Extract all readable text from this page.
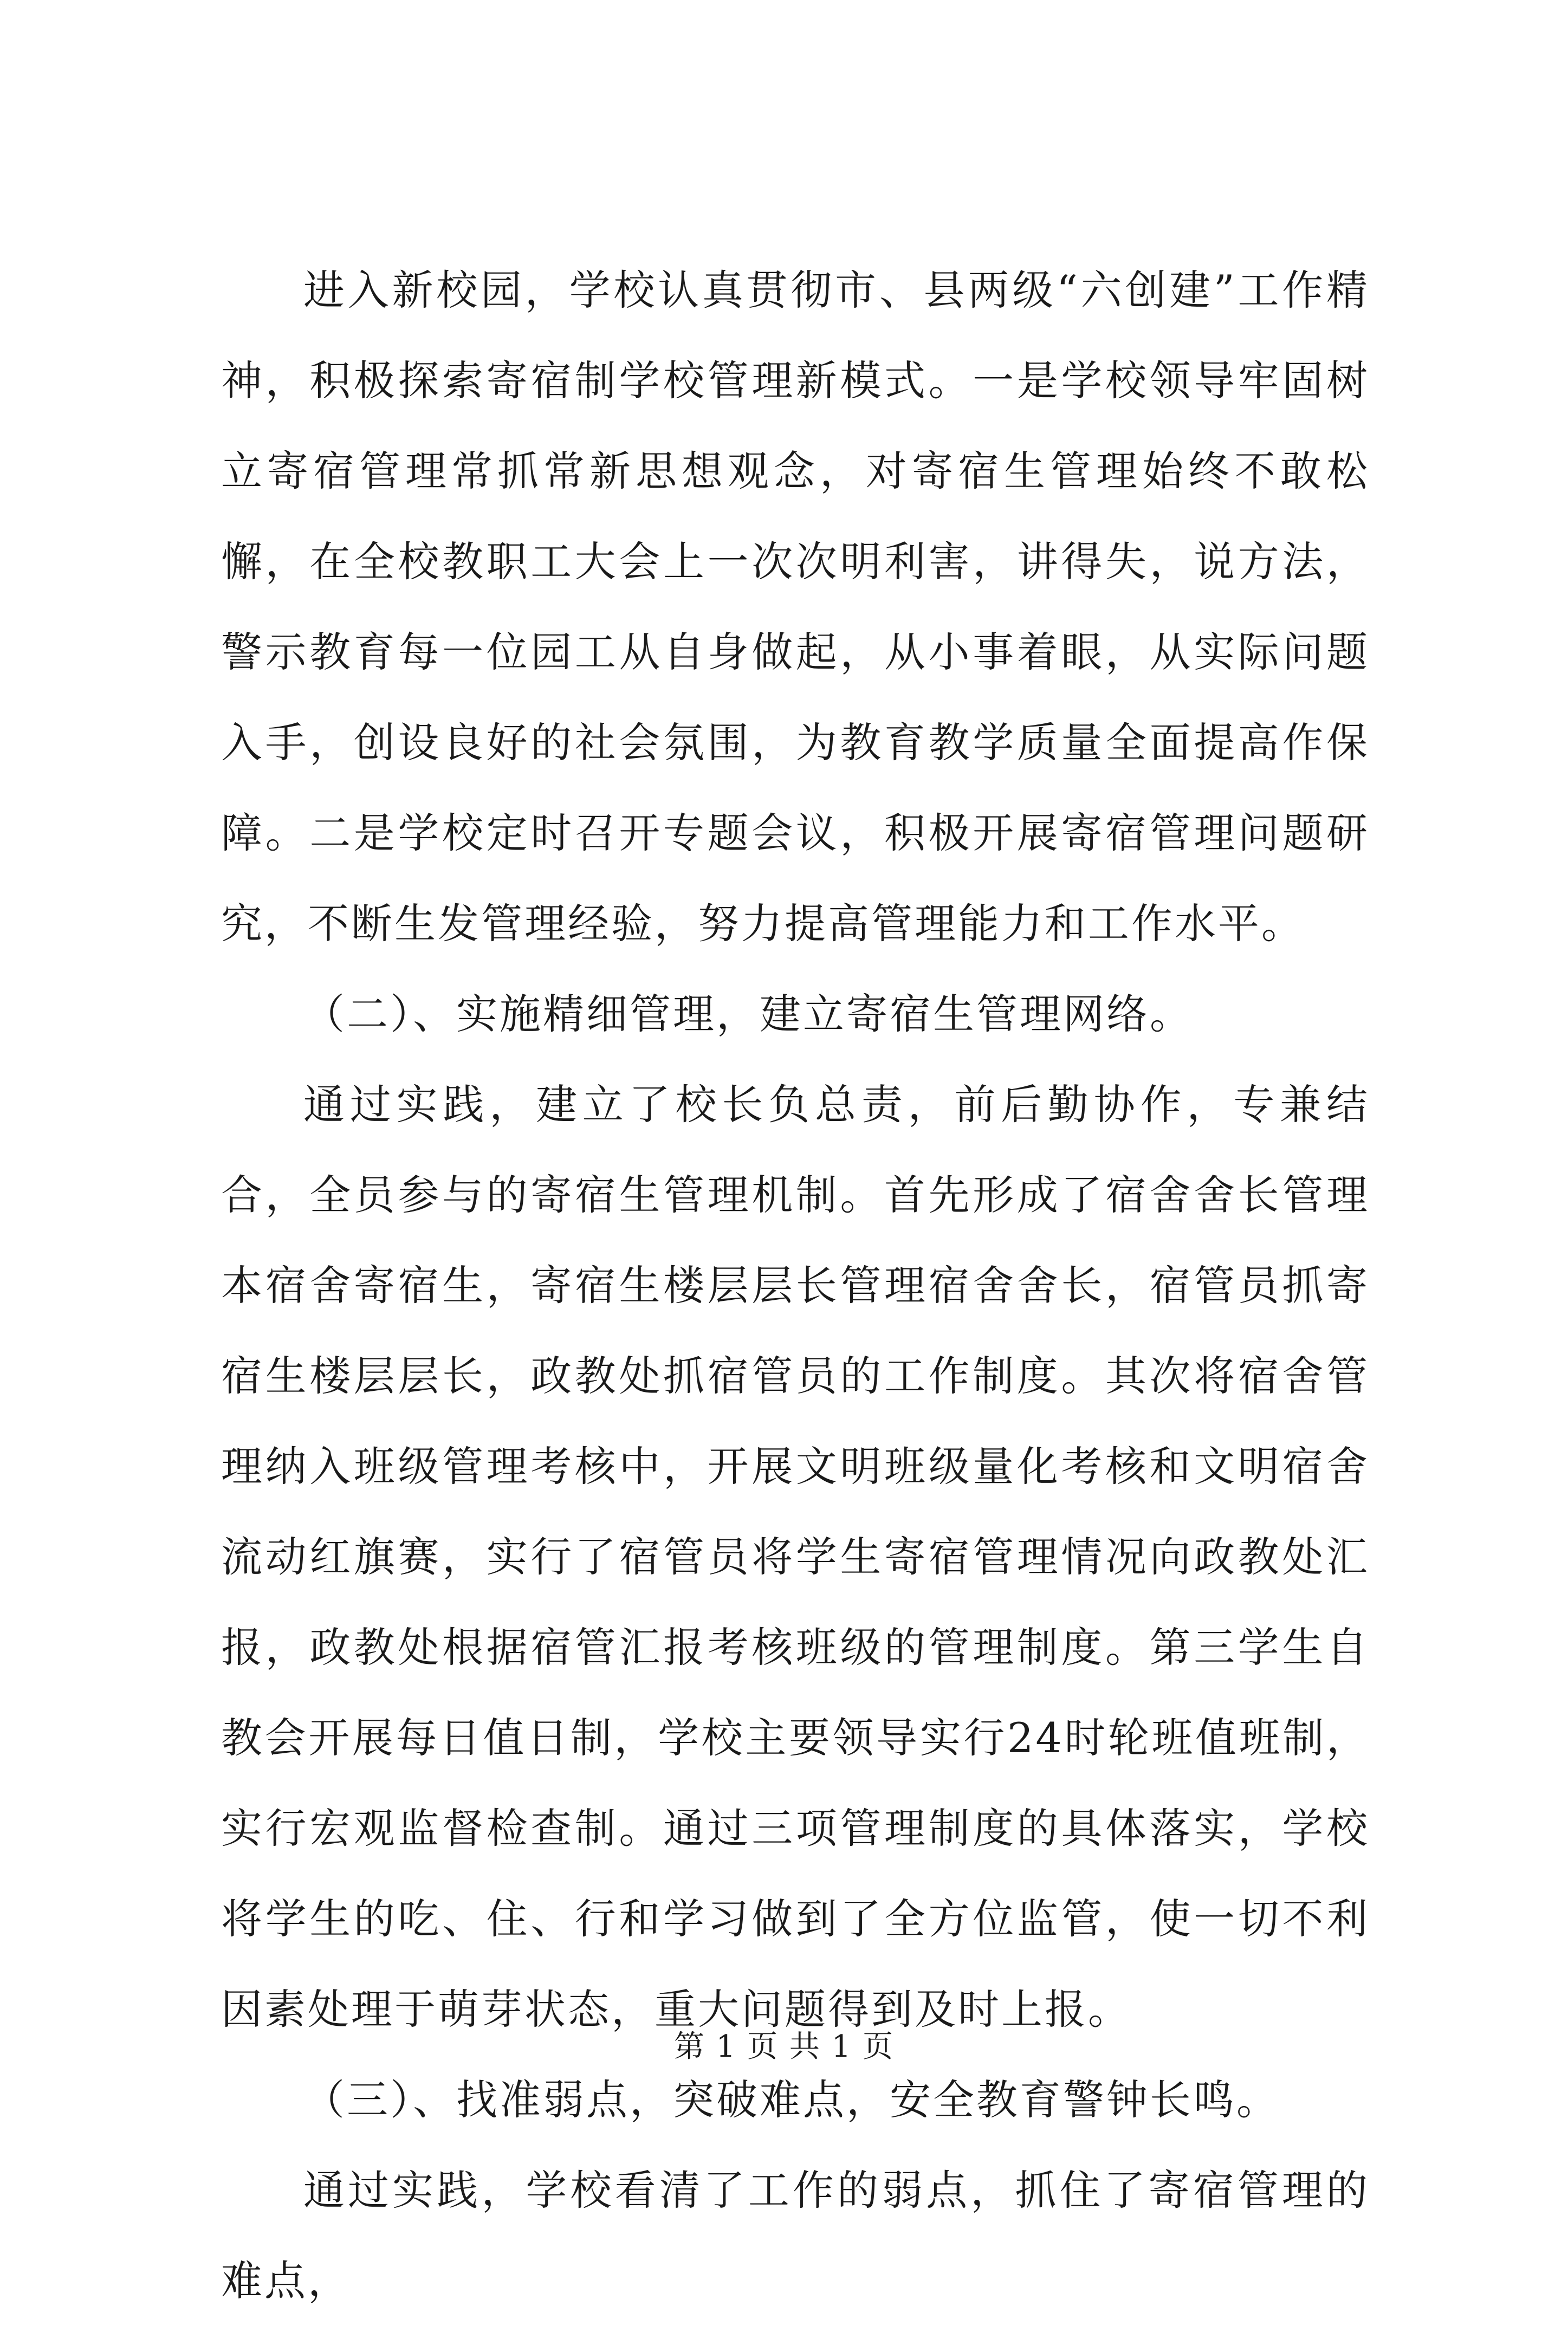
进入新校园，学校认真贯彻市、县两级“六创建”工作精神，积极探索寄宿制学校管理新模式。一是学校领导牢固树立寄宿管理常抓常新思想观念，对寄宿生管理始终不敢松懈，在全校教职工大会上一次次明利害，讲得失，说方法，警示教育每一位园工从自身做起，从小事着眼，从实际问题入手，创设良好的社会氛围，为教育教学质量全面提高作保障。二是学校定时召开专题会议，积极开展寄宿管理问题研究，不断生发管理经验，努力提高管理能力和工作水平。

（二）、实施精细管理，建立寄宿生管理网络。

通过实践，建立了校长负总责，前后勤协作，专兼结合，全员参与的寄宿生管理机制。首先形成了宿舍舍长管理本宿舍寄宿生，寄宿生楼层层长管理宿舍舍长，宿管员抓寄宿生楼层层长，政教处抓宿管员的工作制度。其次将宿舍管理纳入班级管理考核中，开展文明班级量化考核和文明宿舍流动红旗赛，实行了宿管员将学生寄宿管理情况向政教处汇报，政教处根据宿管汇报考核班级的管理制度。第三学生自教会开展每日值日制，学校主要领导实行24时轮班值班制，实行宏观监督检查制。通过三项管理制度的具体落实，学校将学生的吃、住、行和学习做到了全方位监管，使一切不利因素处理于萌芽状态，重大问题得到及时上报。

（三）、找准弱点，突破难点，安全教育警钟长鸣。

通过实践，学校看清了工作的弱点，抓住了寄宿管理的难点，

第 1 页 共 1 页
